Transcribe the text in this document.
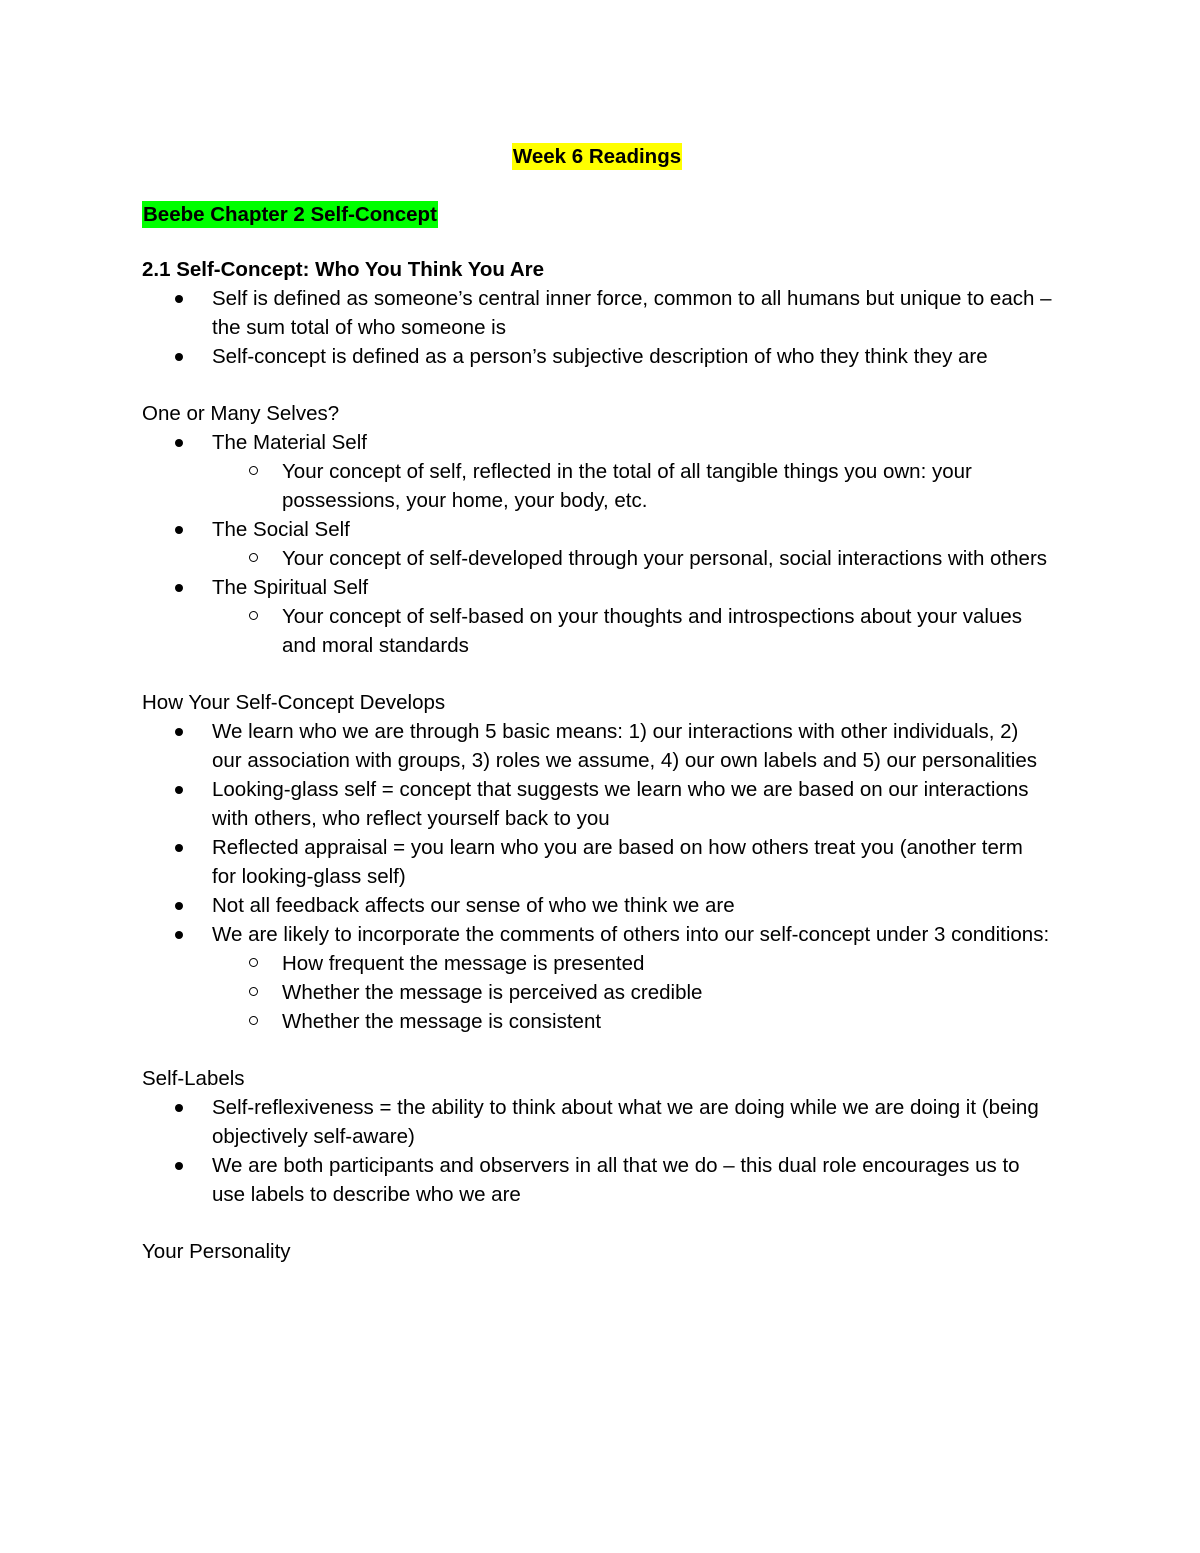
Week 6 Readings
Beebe Chapter 2 Self-Concept
2.1 Self-Concept: Who You Think You Are
Self is defined as someone’s central inner force, common to all humans but unique to each – the sum total of who someone is
Self-concept is defined as a person’s subjective description of who they think they are
One or Many Selves?
The Material Self
Your concept of self, reflected in the total of all tangible things you own: your possessions, your home, your body, etc.
The Social Self
Your concept of self-developed through your personal, social interactions with others
The Spiritual Self
Your concept of self-based on your thoughts and introspections about your values and moral standards
How Your Self-Concept Develops
We learn who we are through 5 basic means: 1) our interactions with other individuals, 2) our association with groups, 3) roles we assume, 4) our own labels and 5) our personalities
Looking-glass self = concept that suggests we learn who we are based on our interactions with others, who reflect yourself back to you
Reflected appraisal = you learn who you are based on how others treat you (another term for looking-glass self)
Not all feedback affects our sense of who we think we are
We are likely to incorporate the comments of others into our self-concept under 3 conditions:
How frequent the message is presented
Whether the message is perceived as credible
Whether the message is consistent
Self-Labels
Self-reflexiveness = the ability to think about what we are doing while we are doing it (being objectively self-aware)
We are both participants and observers in all that we do – this dual role encourages us to use labels to describe who we are
Your Personality
